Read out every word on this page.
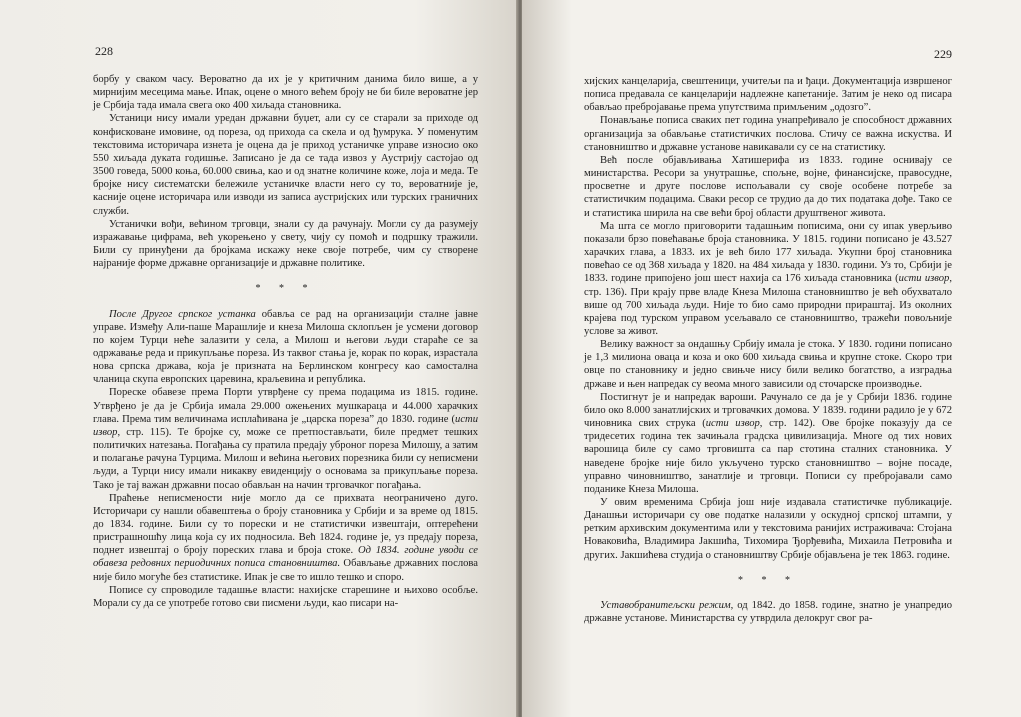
228

борбу у сваком часу. Вероватно да их је у критичним данима било више, а у мирнијим месецима мање. Ипак, оцене о много већем броју не би биле вероватне јер је Србија тада имала свега око 400 хиљада становника.

Устаници нису имали уредан државни буџет, али су се старали за приходе од конфисковане имовине, од пореза, од прихода са скела и од ђумрука. У поменутим текстовима историчара изнета је оцена да је приход устаничке управе износио око 550 хиљада дуката годишње. Записано је да се тада извоз у Аустрију састојао од 3500 говеда, 5000 коња, 60.000 свиња, као и од знатне количине коже, лоја и меда. Те бројке нису систематски бележиле устаничке власти него су то, вероватније је, касније оцене историчара или изводи из записа аустријских или турских граничних служби.

Устанички вођи, већином трговци, знали су да рачунају. Могли су да разумеју изражавање цифрама, већ укорењено у свету, чију су помоћ и подршку тражили. Били су принуђени да бројкама искажу неке своје потребе, чим су створене најраније форме државне организације и државне политике.

* * *

После Другог српског устанка обавља се рад на организацији сталне јавне управе. Између Али-паше Марашлије и кнеза Милоша склопљен је усмени договор по којем Турци неће залазити у села, а Милош и његови људи стараће се за одржавање реда и прикупљање пореза. Из таквог стања је, корак по корак, израстала нова српска држава, која је призната на Берлинском конгресу као самостална чланица скупа европских царевина, краљевина и република.

Пореске обавезе према Порти утврђене су према подацима из 1815. године. Утврђено је да је Србија имала 29.000 ожењених мушкараца и 44.000 харачких глава. Према тим величинама исплаћивана је „царска пореза” до 1830. године (исти извор, стр. 115). Те бројке су, може се претпостављати, биле предмет тешких политичких натезања. Погађања су пратила предају уброног пореза Милошу, а затим и полагање рачуна Турцима. Милош и већина његових порезника били су неписмени људи, а Турци нису имали никакву евиденцију о основама за прикупљање пореза. Тако је тај важан државни посао обављан на начин трговачког погађања.

Праћење неписмености није могло да се прихвата неограничено дуго. Историчари су нашли обавештења о броју становника у Србији и за време од 1815. до 1834. године. Били су то порески и не статистички извештаји, оптерећени пристрашношћу лица која су их подносила. Већ 1824. године је, уз предају пореза, поднет извештај о броју пореских глава и броја стоке. Од 1834. године уводи се обавеза редовних периодичних пописа становништва. Обављање државних послова није било могуће без статистике. Ипак је све то ишло тешко и споро.

Пописе су спроводиле тадашње власти: нахијске старешине и њихово особље. Морали су да се употребе готово сви писмени људи, као писари на-

229

хијских канцеларија, свештеници, учитељи па и ђаци. Документација извршеног пописа предавала се канцеларији надлежне капетаније. Затим је неко од писара обављао пребројавање према упутствима примљеним „одозго”.

Понављање пописа сваких пет година унапређивало је способност државних организација за обављање статистичких послова. Стичу се важна искуства. И становништво и државне установе навикавали су се на статистику.

Већ после објављивања Хатишерифа из 1833. године оснивају се министарства. Ресори за унутрашње, спољне, војне, финансијске, правосудне, просветне и друге послове испољавали су своје особене потребе за статистичким подацима. Сваки ресор се трудио да до тих података дође. Тако се и статистика ширила на све већи број области друштвеног живота.

Ма шта се могло приговорити тадашњим пописима, они су ипак уверљиво показали брзо повећавање броја становника. У 1815. години пописано је 43.527 харачких глава, а 1833. их је већ било 177 хиљада. Укупни број становника повећао се од 368 хиљада у 1820. на 484 хиљада у 1830. години. Уз то, Србији је 1833. године припојено још шест нахија са 176 хиљада становника (исти извор, стр. 136). При крају прве владе Кнеза Милоша становништво је већ обухватало више од 700 хиљада људи. Није то био само природни прираштај. Из околних крајева под турском управом усељавало се становништво, тражећи повољније услове за живот.

Велику важност за ондашњу Србију имала је стока. У 1830. години пописано је 1,3 милиона оваца и коза и око 600 хиљада свиња и крупне стоке. Скоро три овце по становнику и једно свињче нису били велико богатство, а изградња државе и њен напредак су веома много зависили од сточарске производње.

Постигнут је и напредак вароши. Рачунало се да је у Србији 1836. године било око 8.000 занатлијских и трговачких домова. У 1839. години радило је у 672 чиновника свих струка (исти извор, стр. 142). Ове бројке показују да се тридесетих година тек зачињала градска цивилизација. Многе од тих нових варошица биле су само трговишта са пар стотина сталних становника. У наведене бројке није било укључено турско становништво – војне посаде, управно чиновништво, занатлије и трговци. Пописи су пребројавали само поданике Кнеза Милоша.

У овим временима Србија још није издавала статистичке публикације. Данашњи историчари су ове податке налазили у оскудној српској штампи, у ретким архивским документима или у текстовима ранијих истраживача: Стојана Новаковића, Владимира Јакшића, Тихомира Ђорђевића, Михаила Петровића и других. Јакшићева студија о становништву Србије објављена је тек 1863. године.

* * *

Уставобранитељски режим, од 1842. до 1858. године, знатно је унапредио државне установе. Министарства су утврдила делокруг свог ра-
